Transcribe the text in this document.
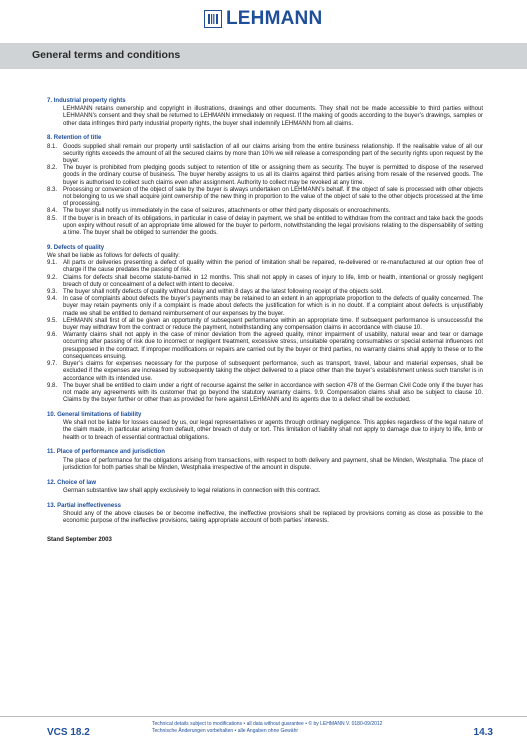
LEHMANN
General terms and conditions
7. Industrial property rights
LEHMANN retains ownership and copyright in illustrations, drawings and other documents. They shall not be made accessible to third parties without LEHMANN’s consent and they shall be returned to LEHMANN immediately on request. If the making of goods according to the buyer’s drawings, samples or other data infringes third party industrial property rights, the buyer shall indemnify LEHMANN from all claims.
8. Retention of title
8.1. Goods supplied shall remain our property until satisfaction of all our claims arising from the entire business relationship. If the realisable value of all our security rights exceeds the amount of all the secured claims by more than 10% we will release a corresponding part of the security rights upon request by the buyer.
8.2. The buyer is prohibited from pledging goods subject to retention of title or assigning them as security. The buyer is permitted to dispose of the reserved goods in the ordinary course of business. The buyer hereby assigns to us all its claims against third parties arising from resale of the reserved goods. The buyer is authorised to collect such claims even after assignment. Authority to collect may be revoked at any time.
8.3. Processing or conversion of the object of sale by the buyer is always undertaken on LEHMANN’s behalf. If the object of sale is processed with other objects not belonging to us we shall acquire joint ownership of the new thing in proportion to the value of the object of sale to the other objects processed at the time of processing.
8.4. The buyer shall notify us immediately in the case of seizures, attachments or other third party disposals or encroachments.
8.5. If the buyer is in breach of its obligations, in particular in case of delay in payment, we shall be entitled to withdraw from the contract and take back the goods upon expiry without result of an appropriate time allowed for the buyer to perform, notwithstanding the legal provisions relating to the dispensability of setting a time. The buyer shall be obliged to surrender the goods.
9. Defects of quality
We shall be liable as follows for defects of quality:
9.1. All parts or deliveries presenting a defect of quality within the period of limitation shall be repaired, re-delivered or re-manufactured at our option free of charge if the cause predates the passing of risk.
9.2. Claims for defects shall become statute-barred in 12 months. This shall not apply in cases of injury to life, limb or health, intentional or grossly negligent breach of duty or concealment of a defect with intent to deceive.
9.3. The buyer shall notify defects of quality without delay and within 8 days at the latest following receipt of the objects sold.
9.4. In case of complaints about defects the buyer’s payments may be retained to an extent in an appropriate proportion to the defects of quality concerned. The buyer may retain payments only if a complaint is made about defects the justification for which is in no doubt. If a complaint about defects is unjustifiably made we shall be entitled to demand reimbursement of our expenses by the buyer.
9.5. LEHMANN shall first of all be given an opportunity of subsequent performance within an appropriate time. If subsequent performance is unsuccessful the buyer may withdraw from the contract or reduce the payment, notwithstanding any compensation claims in accordance with clause 10.
9.6. Warranty claims shall not apply in the case of minor deviation from the agreed quality, minor impairment of usability, natural wear and tear or damage occurring after passing of risk due to incorrect or negligent treatment, excessive stress, unsuitable operating consumables or special external influences not presupposed in the contract. If improper modifications or repairs are carried out by the buyer or third parties, no warranty claims shall apply to these or to the consequences ensuing.
9.7. Buyer’s claims for expenses necessary for the purpose of subsequent performance, such as transport, travel, labour and material expenses, shall be excluded if the expenses are increased by subsequently taking the object delivered to a place other than the buyer’s establishment unless such transfer is in accordance with its intended use.
9.8. The buyer shall be entitled to claim under a right of recourse against the seller in accordance with section 478 of the German Civil Code only if the buyer has not made any agreements with its customer that go beyond the statutory warranty claims. 9.9. Compensation claims shall also be subject to clause 10. Claims by the buyer further or other than as provided for here against LEHMANN and its agents due to a defect shall be excluded.
10. General limitations of liability
We shall not be liable for losses caused by us, our legal representatives or agents through ordinary negligence. This applies regardless of the legal nature of the claim made, in particular arising from default, other breach of duty or tort. This limitation of liability shall not apply to damage due to injury to life, limb or health or to breach of essential contractual obligations.
11. Place of performance and jurisdiction
The place of performance for the obligations arising from transactions, with respect to both delivery and payment, shall be Minden, Westphalia. The place of jurisdiction for both parties shall be Minden, Westphalia irrespective of the amount in dispute.
12. Choice of law
German substantive law shall apply exclusively to legal relations in connection with this contract.
13. Partial ineffectiveness
Should any of the above clauses be or become ineffective, the ineffective provisions shall be replaced by provisions coming as close as possible to the economic purpose of the ineffective provisions, taking appropriate account of both parties’ interests.
Stand September 2003
VCS 18.2
Technical details subject to modifications • all data without guarantee • © by LEHMANN V. 0180-09/2012
Technische Änderungen vorbehalten • alle Angaben ohne Gewähr	14.3
